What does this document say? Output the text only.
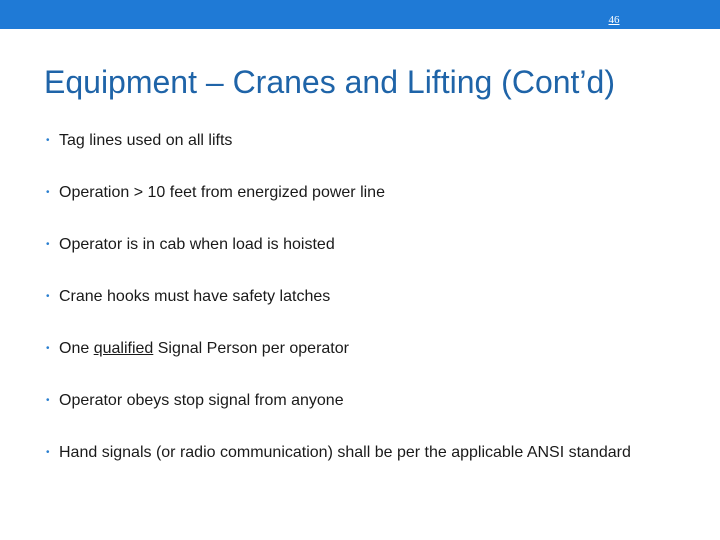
46
Equipment – Cranes and Lifting (Cont’d)
• Tag lines used on all lifts
• Operation > 10 feet from energized power line
• Operator is in cab when load is hoisted
• Crane hooks must have safety latches
• One qualified Signal Person per operator
• Operator obeys stop signal from anyone
• Hand signals (or radio communication) shall be per the applicable ANSI standard
